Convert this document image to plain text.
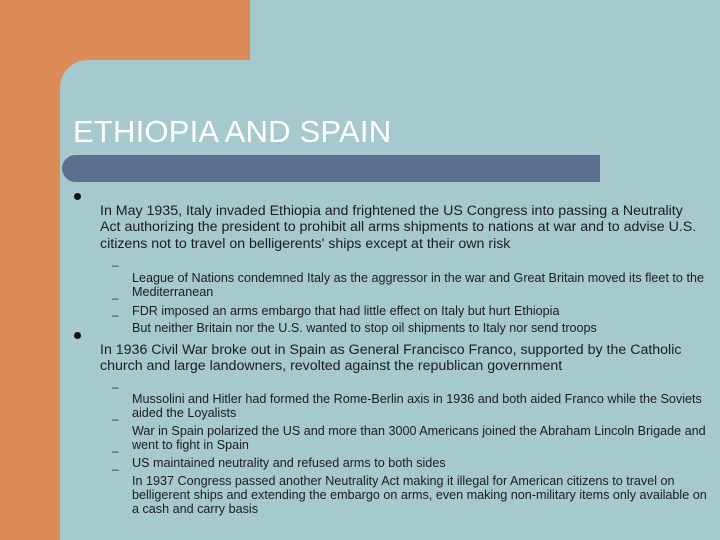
ETHIOPIA AND SPAIN

In May 1935, Italy invaded Ethiopia and frightened the US Congress into passing a Neutrality Act authorizing the president to prohibit all arms shipments to nations at war and to advise U.S. citizens not to travel on belligerents' ships except at their own risk

–

League of Nations condemned Italy as the aggressor in the war and Great Britain moved its fleet to the Mediterranean

–

FDR imposed an arms embargo that had little effect on Italy but hurt Ethiopia

–

But neither Britain nor the U.S. wanted to stop oil shipments to Italy nor send troops

In 1936 Civil War broke out in Spain as General Francisco Franco, supported by the Catholic church and large landowners, revolted against the republican government

–

Mussolini and Hitler had formed the Rome-Berlin axis in 1936 and both aided Franco while the Soviets aided the Loyalists

–

War in Spain polarized the US and more than 3000 Americans joined the Abraham Lincoln Brigade and went to fight in Spain

–

US maintained neutrality and refused arms to both sides

–

In 1937 Congress passed another Neutrality Act making it illegal for American citizens to travel on belligerent ships and extending the embargo on arms, even making non-military items only available on a cash and carry basis
